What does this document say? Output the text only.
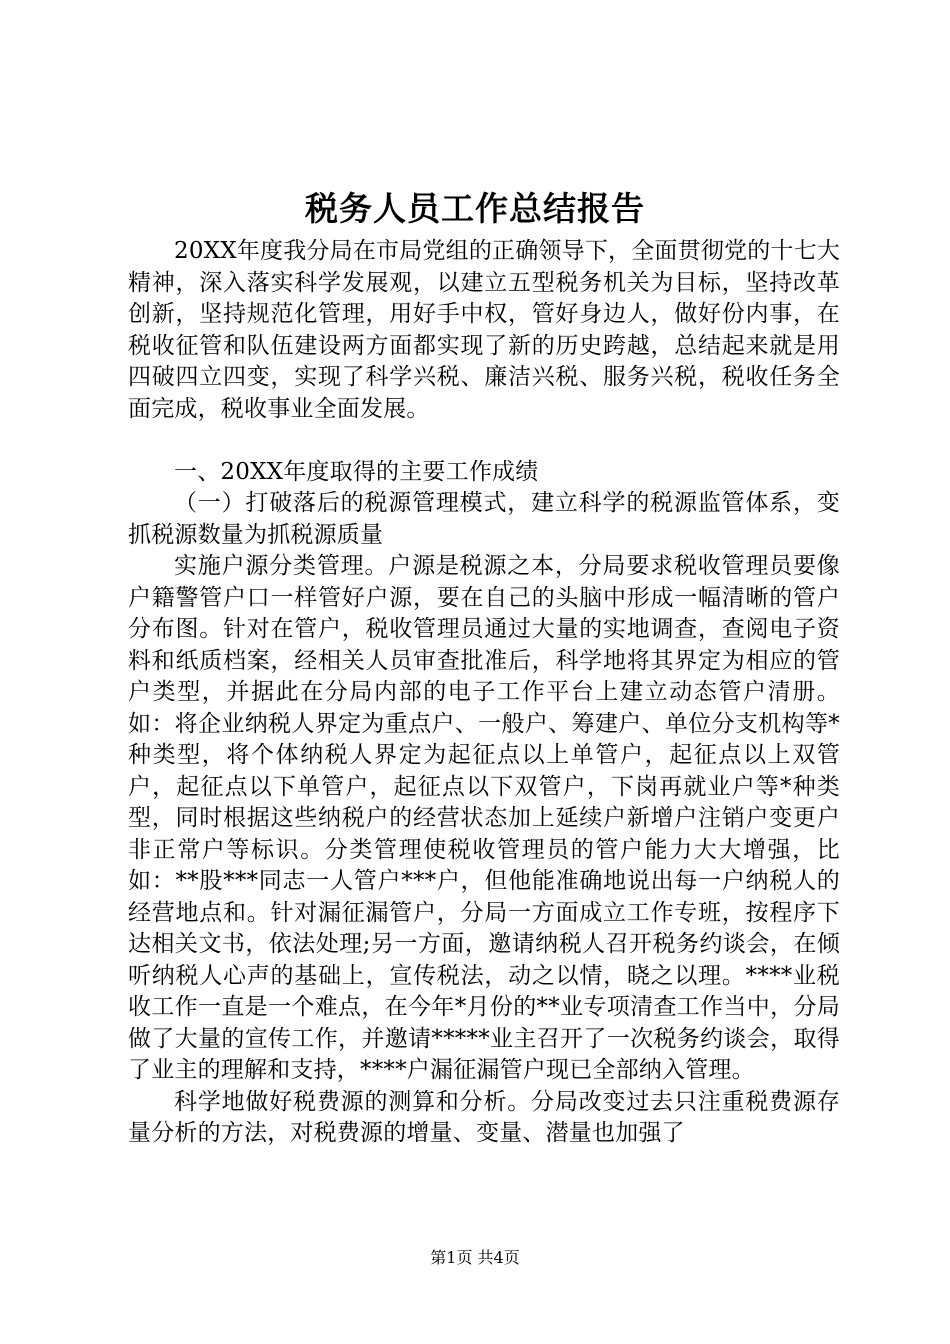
税务人员工作总结报告

20XX年度我分局在市局党组的正确领导下，全面贯彻党的十七大精神，深入落实科学发展观，以建立五型税务机关为目标，坚持改革创新，坚持规范化管理，用好手中权，管好身边人，做好份内事，在税收征管和队伍建设两方面都实现了新的历史跨越，总结起来就是用四破四立四变，实现了科学兴税、廉洁兴税、服务兴税，税收任务全面完成，税收事业全面发展。

一、20XX年度取得的主要工作成绩

（一）打破落后的税源管理模式，建立科学的税源监管体系，变抓税源数量为抓税源质量

实施户源分类管理。户源是税源之本，分局要求税收管理员要像户籍警管户口一样管好户源，要在自己的头脑中形成一幅清晰的管户分布图。针对在管户，税收管理员通过大量的实地调查，查阅电子资料和纸质档案，经相关人员审查批准后，科学地将其界定为相应的管户类型，并据此在分局内部的电子工作平台上建立动态管户清册。如：将企业纳税人界定为重点户、一般户、筹建户、单位分支机构等*种类型，将个体纳税人界定为起征点以上单管户，起征点以上双管户，起征点以下单管户，起征点以下双管户，下岗再就业户等*种类型，同时根据这些纳税户的经营状态加上延续户新增户注销户变更户非正常户等标识。分类管理使税收管理员的管户能力大大增强，比如：**股***同志一人管户***户，但他能准确地说出每一户纳税人的经营地点和。针对漏征漏管户，分局一方面成立工作专班，按程序下达相关文书，依法处理;另一方面，邀请纳税人召开税务约谈会，在倾听纳税人心声的基础上，宣传税法，动之以情，晓之以理。****业税收工作一直是一个难点，在今年*月份的**业专项清查工作当中，分局做了大量的宣传工作，并邀请*****业主召开了一次税务约谈会，取得了业主的理解和支持，****户漏征漏管户现已全部纳入管理。

科学地做好税费源的测算和分析。分局改变过去只注重税费源存量分析的方法，对税费源的增量、变量、潜量也加强了

第1页 共4页
